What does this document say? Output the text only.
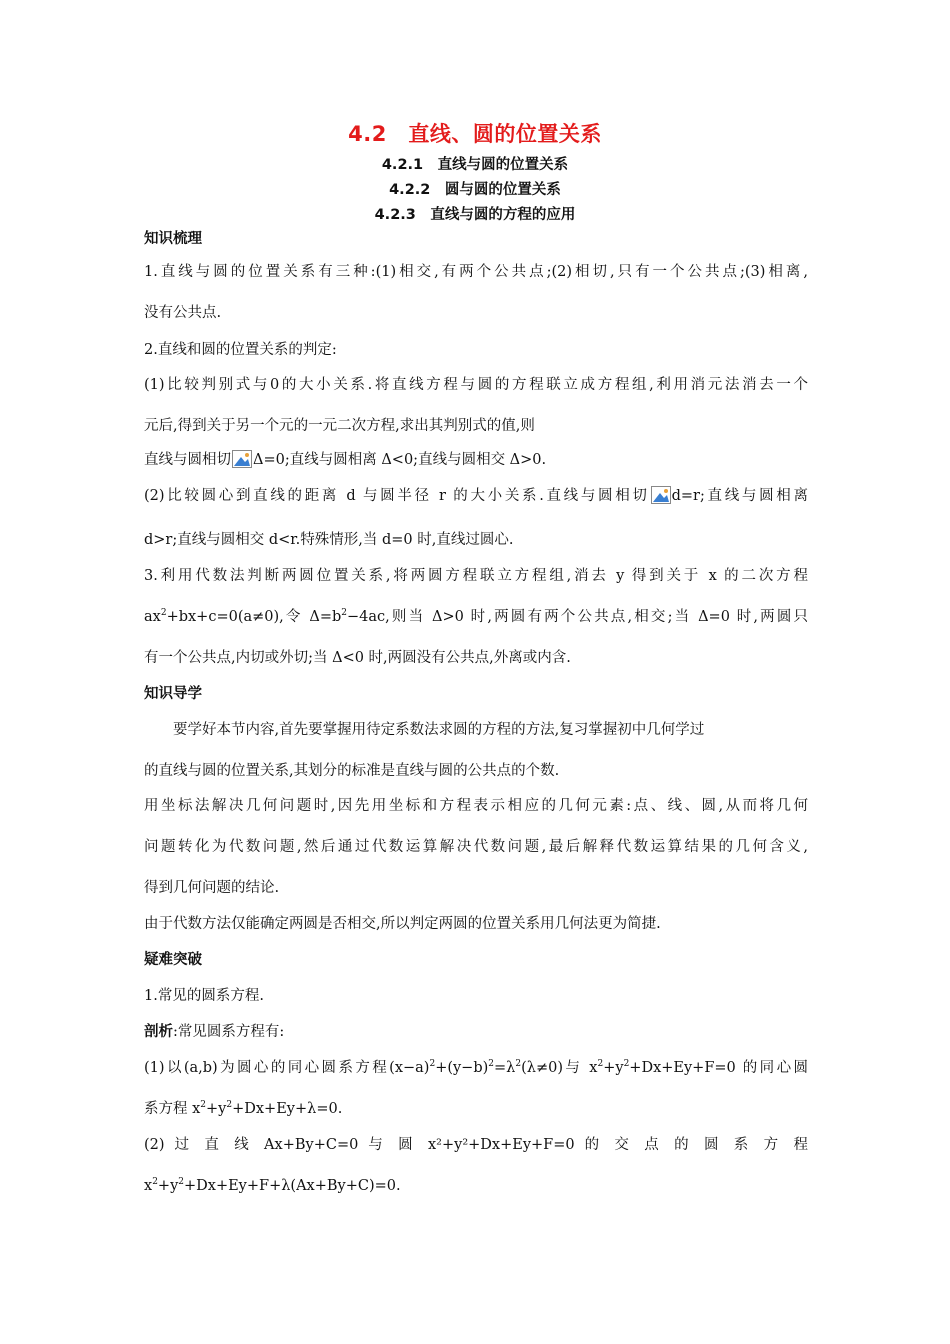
4.2　直线、圆的位置关系
4.2.1　直线与圆的位置关系
4.2.2　圆与圆的位置关系
4.2.3　直线与圆的方程的应用
知识梳理
1.直线与圆的位置关系有三种:(1)相交,有两个公共点;(2)相切,只有一个公共点;(3)相离,
没有公共点.
2.直线和圆的位置关系的判定:
(1)比较判别式与0的大小关系.将直线方程与圆的方程联立成方程组,利用消元法消去一个
元后,得到关于另一个元的一元二次方程,求出其判别式的值,则
直线与圆相切 Δ=0;直线与圆相离 Δ<0;直线与圆相交 Δ>0.
(2)比较圆心到直线的距离 d 与圆半径 r 的大小关系.直线与圆相切 d=r;直线与圆相离
d>r;直线与圆相交 d<r.特殊情形,当 d=0 时,直线过圆心.
3.利用代数法判断两圆位置关系,将两圆方程联立方程组,消去 y 得到关于 x 的二次方程
$ax^2+bx+c=0(a\ne 0)$,令 $\Delta=b^2-4ac$,则当 Δ>0 时,两圆有两个公共点,相交;当 Δ=0 时,两圆只
有一个公共点,内切或外切;当 Δ<0 时,两圆没有公共点,外离或内含.
知识导学
　　要学好本节内容,首先要掌握用待定系数法求圆的方程的方法,复习掌握初中几何学过
的直线与圆的位置关系,其划分的标准是直线与圆的公共点的个数.
用坐标法解决几何问题时,因先用坐标和方程表示相应的几何元素:点、线、圆,从而将几何
问题转化为代数问题,然后通过代数运算解决代数问题,最后解释代数运算结果的几何含义,
得到几何问题的结论.
由于代数方法仅能确定两圆是否相交,所以判定两圆的位置关系用几何法更为简捷.
疑难突破
1.常见的圆系方程.
剖析:常见圆系方程有:
(1)以(a,b)为圆心的同心圆系方程$(x-a)^2+(y-b)^2=\lambda^2(\lambda\ne 0)$与 $x^2+y^2+Dx+Ey+F=0$ 的同心圆
系方程 $x^2+y^2+Dx+Ey+\lambda=0$.
(2) 过 直 线 Ax+By+C=0 与 圆 x²+y²+Dx+Ey+F=0 的 交 点 的 圆 系 方 程
$x^2+y^2+Dx+Ey+F+\lambda(Ax+By+C)=0$.
